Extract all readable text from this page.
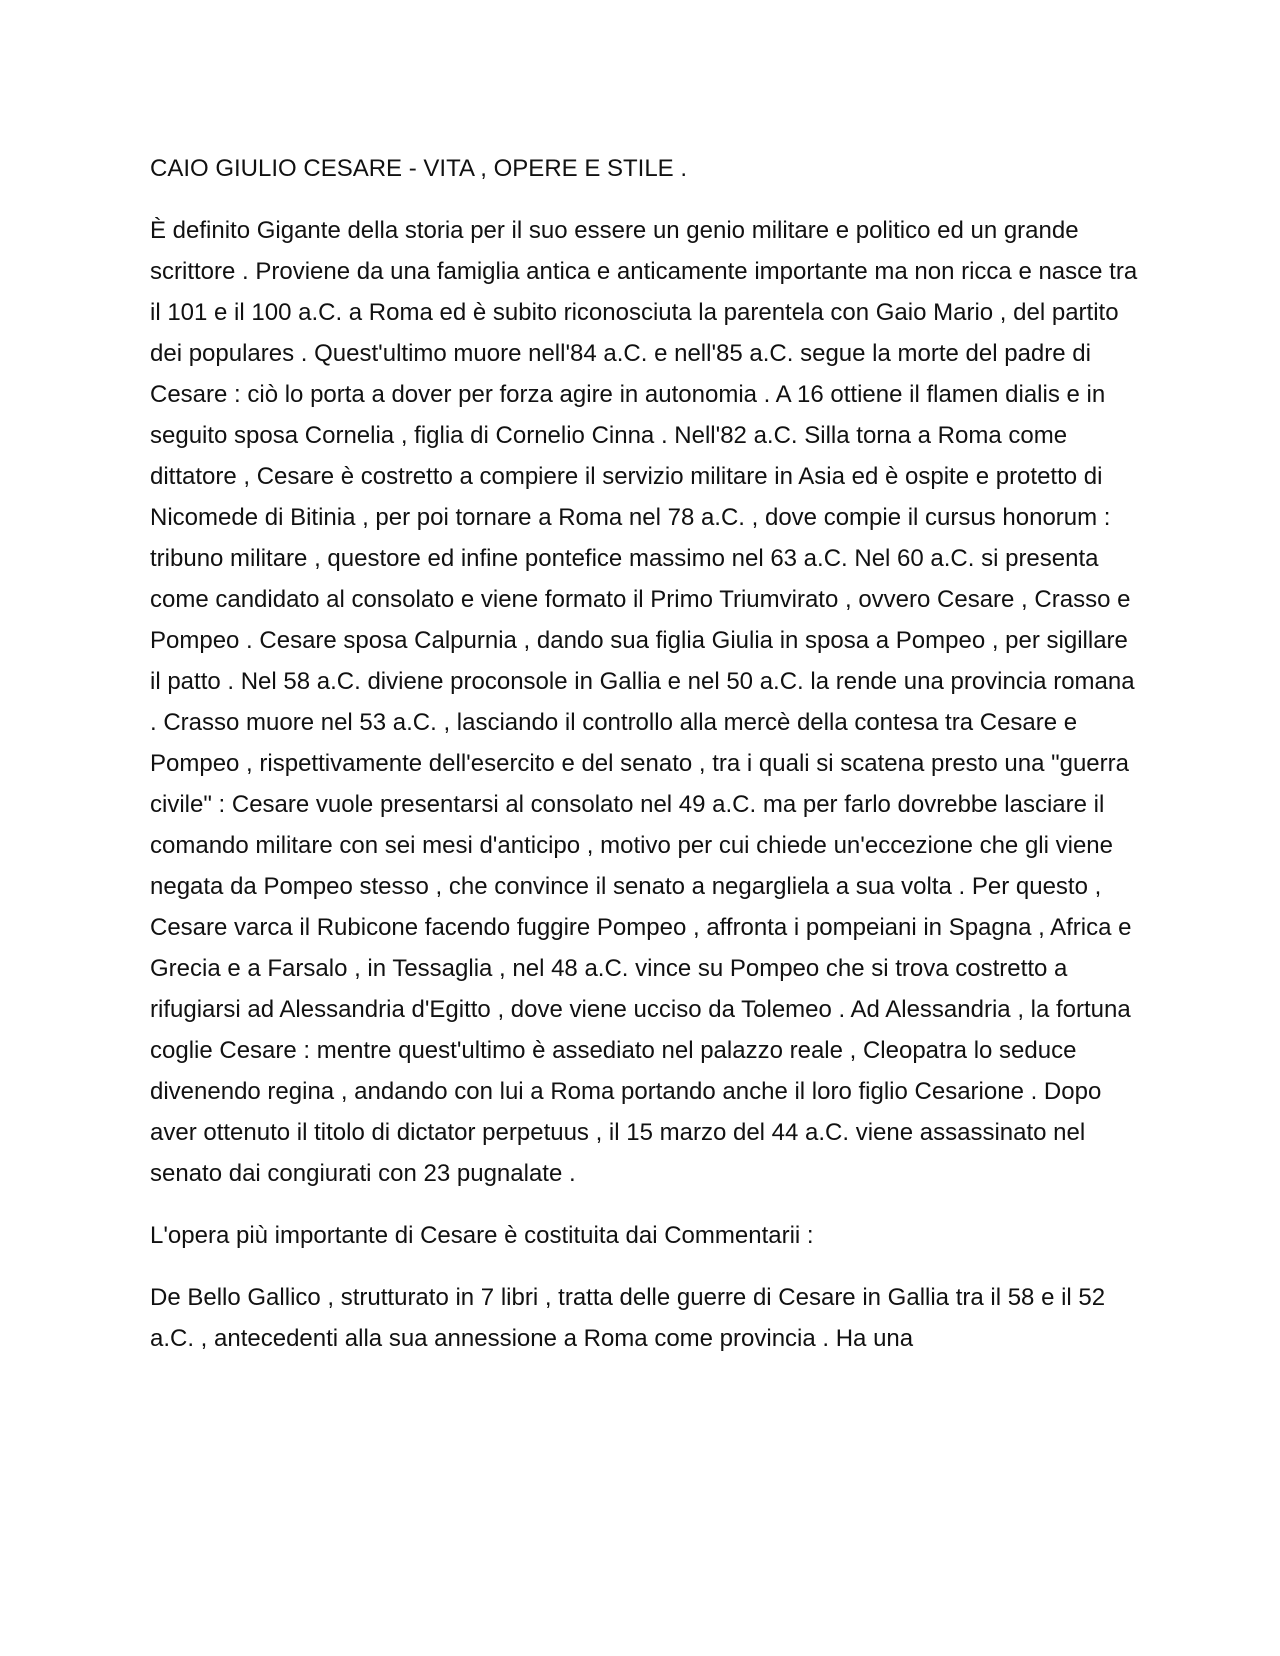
CAIO GIULIO CESARE - VITA , OPERE E STILE .

È definito Gigante della storia per il suo essere un genio militare e politico ed un grande scrittore . Proviene da una famiglia antica e anticamente importante ma non ricca e nasce tra il 101 e il 100 a.C. a Roma ed è subito riconosciuta la parentela con Gaio Mario , del partito dei populares . Quest'ultimo muore nell'84 a.C. e nell'85 a.C. segue la morte del padre di Cesare : ciò lo porta a dover per forza agire in autonomia . A 16 ottiene il flamen dialis e in seguito sposa Cornelia , figlia di Cornelio Cinna . Nell'82 a.C. Silla torna a Roma come dittatore , Cesare è costretto a compiere il servizio militare in Asia ed è ospite e protetto di Nicomede di Bitinia , per poi tornare a Roma nel 78 a.C. , dove compie il cursus honorum : tribuno militare , questore ed infine pontefice massimo nel 63 a.C. Nel 60 a.C. si presenta come candidato al consolato e viene formato il Primo Triumvirato , ovvero Cesare , Crasso e Pompeo . Cesare sposa Calpurnia , dando sua figlia Giulia in sposa a Pompeo , per sigillare il patto . Nel 58 a.C. diviene proconsole in Gallia e nel 50 a.C. la rende una provincia romana . Crasso muore nel 53 a.C. , lasciando il controllo alla mercè della contesa tra Cesare e Pompeo , rispettivamente dell'esercito e del senato , tra i quali si scatena presto una "guerra civile" : Cesare vuole presentarsi al consolato nel 49 a.C. ma per farlo dovrebbe lasciare il comando militare con sei mesi d'anticipo , motivo per cui chiede un'eccezione che gli viene negata da Pompeo stesso , che convince il senato a negargliela a sua volta . Per questo , Cesare varca il Rubicone facendo fuggire Pompeo , affronta i pompeiani in Spagna , Africa e Grecia e a Farsalo , in Tessaglia , nel 48 a.C. vince su Pompeo che si trova costretto a rifugiarsi ad Alessandria d'Egitto , dove viene ucciso da Tolemeo . Ad Alessandria , la fortuna coglie Cesare : mentre quest'ultimo è assediato nel palazzo reale , Cleopatra lo seduce divenendo regina , andando con lui a Roma portando anche il loro figlio Cesarione . Dopo aver ottenuto il titolo di dictator perpetuus , il 15 marzo del 44 a.C. viene assassinato nel senato dai congiurati con 23 pugnalate .

L'opera più importante di Cesare è costituita dai Commentarii :

De Bello Gallico , strutturato in 7 libri , tratta delle guerre di Cesare in Gallia tra il 58 e il 52 a.C. , antecedenti alla sua annessione a Roma come provincia . Ha una
